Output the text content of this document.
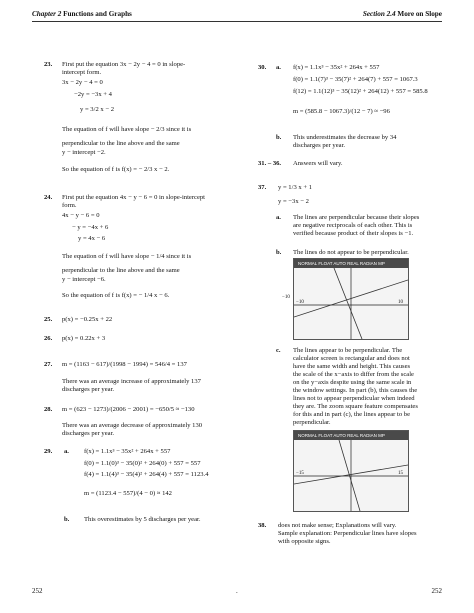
Chapter 2 Functions and Graphs	Section 2.4 More on Slope
23. First put the equation 3x − 2y − 4 = 0 in slope-
intercept form.
3x − 2y − 4 = 0
−2y = −3x + 4
y = 3/2 x − 2
The equation of f will have slope − 2/3 since it is
perpendicular to the line above and the same
y − intercept −2.
So the equation of f is f(x) = − 2/3 x − 2.
24. First put the equation 4x − y − 6 = 0 in slope-intercept
form.
4x − y − 6 = 0
− y = −4x + 6
y = 4x − 6
The equation of f will have slope − 1/4 since it is
perpendicular to the line above and the same
y − intercept −6.
So the equation of f is f(x) = − 1/4 x − 6.
25. p(x) = −0.25x + 22
26. p(x) = 0.22x + 3
27. m = (1163 − 617)/(1998 − 1994) = 546/4 = 137
There was an average increase of approximately 137
discharges per year.
28. m = (623 − 1273)/(2006 − 2001) = −650/5 ≈ −130
There was an average decrease of approximately 130
discharges per year.
29. a. f(x) = 1.1x³ − 35x² + 264x + 557
f(0) = 1.1(0)³ − 35(0)² + 264(0) + 557 = 557
f(4) = 1.1(4)³ − 35(4)² + 264(4) + 557 = 1123.4
m = (1123.4 − 557)/(4 − 0) ≈ 142
b. This overestimates by 5 discharges per year.
30. a. f(x) = 1.1x³ − 35x² + 264x + 557
f(0) = 1.1(7)³ − 35(7)² + 264(7) + 557 = 1067.3
f(12) = 1.1(12)³ − 35(12)² + 264(12) + 557 = 585.8
m = (585.8 − 1067.3)/(12 − 7) ≈ −96
b. This underestimates the decrease by 34
discharges per year.
31. – 36. Answers will vary.
37. y = 1/3 x + 1
y = −3x − 2
a. The lines are perpendicular because their slopes
are negative reciprocals of each other. This is
verified because product of their slopes is −1.
b. The lines do not appear to be perpendicular.
NORMAL FLOAT AUTO REAL RADIAN MP
−10	10
−10
c. The lines appear to be perpendicular. The
calculator screen is rectangular and does not
have the same width and height. This causes
the scale of the x−axis to differ from the scale
on the y−axis despite using the same scale in
the window settings. In part (b), this causes the
lines not to appear perpendicular when indeed
they are. The zoom square feature compensates
for this and in part (c), the lines appear to be
perpendicular.
NORMAL FLOAT AUTO REAL RADIAN MP
−15	15
38. does not make sense; Explanations will vary.
Sample explanation: Perpendicular lines have slopes
with opposite signs.
252	.	252
